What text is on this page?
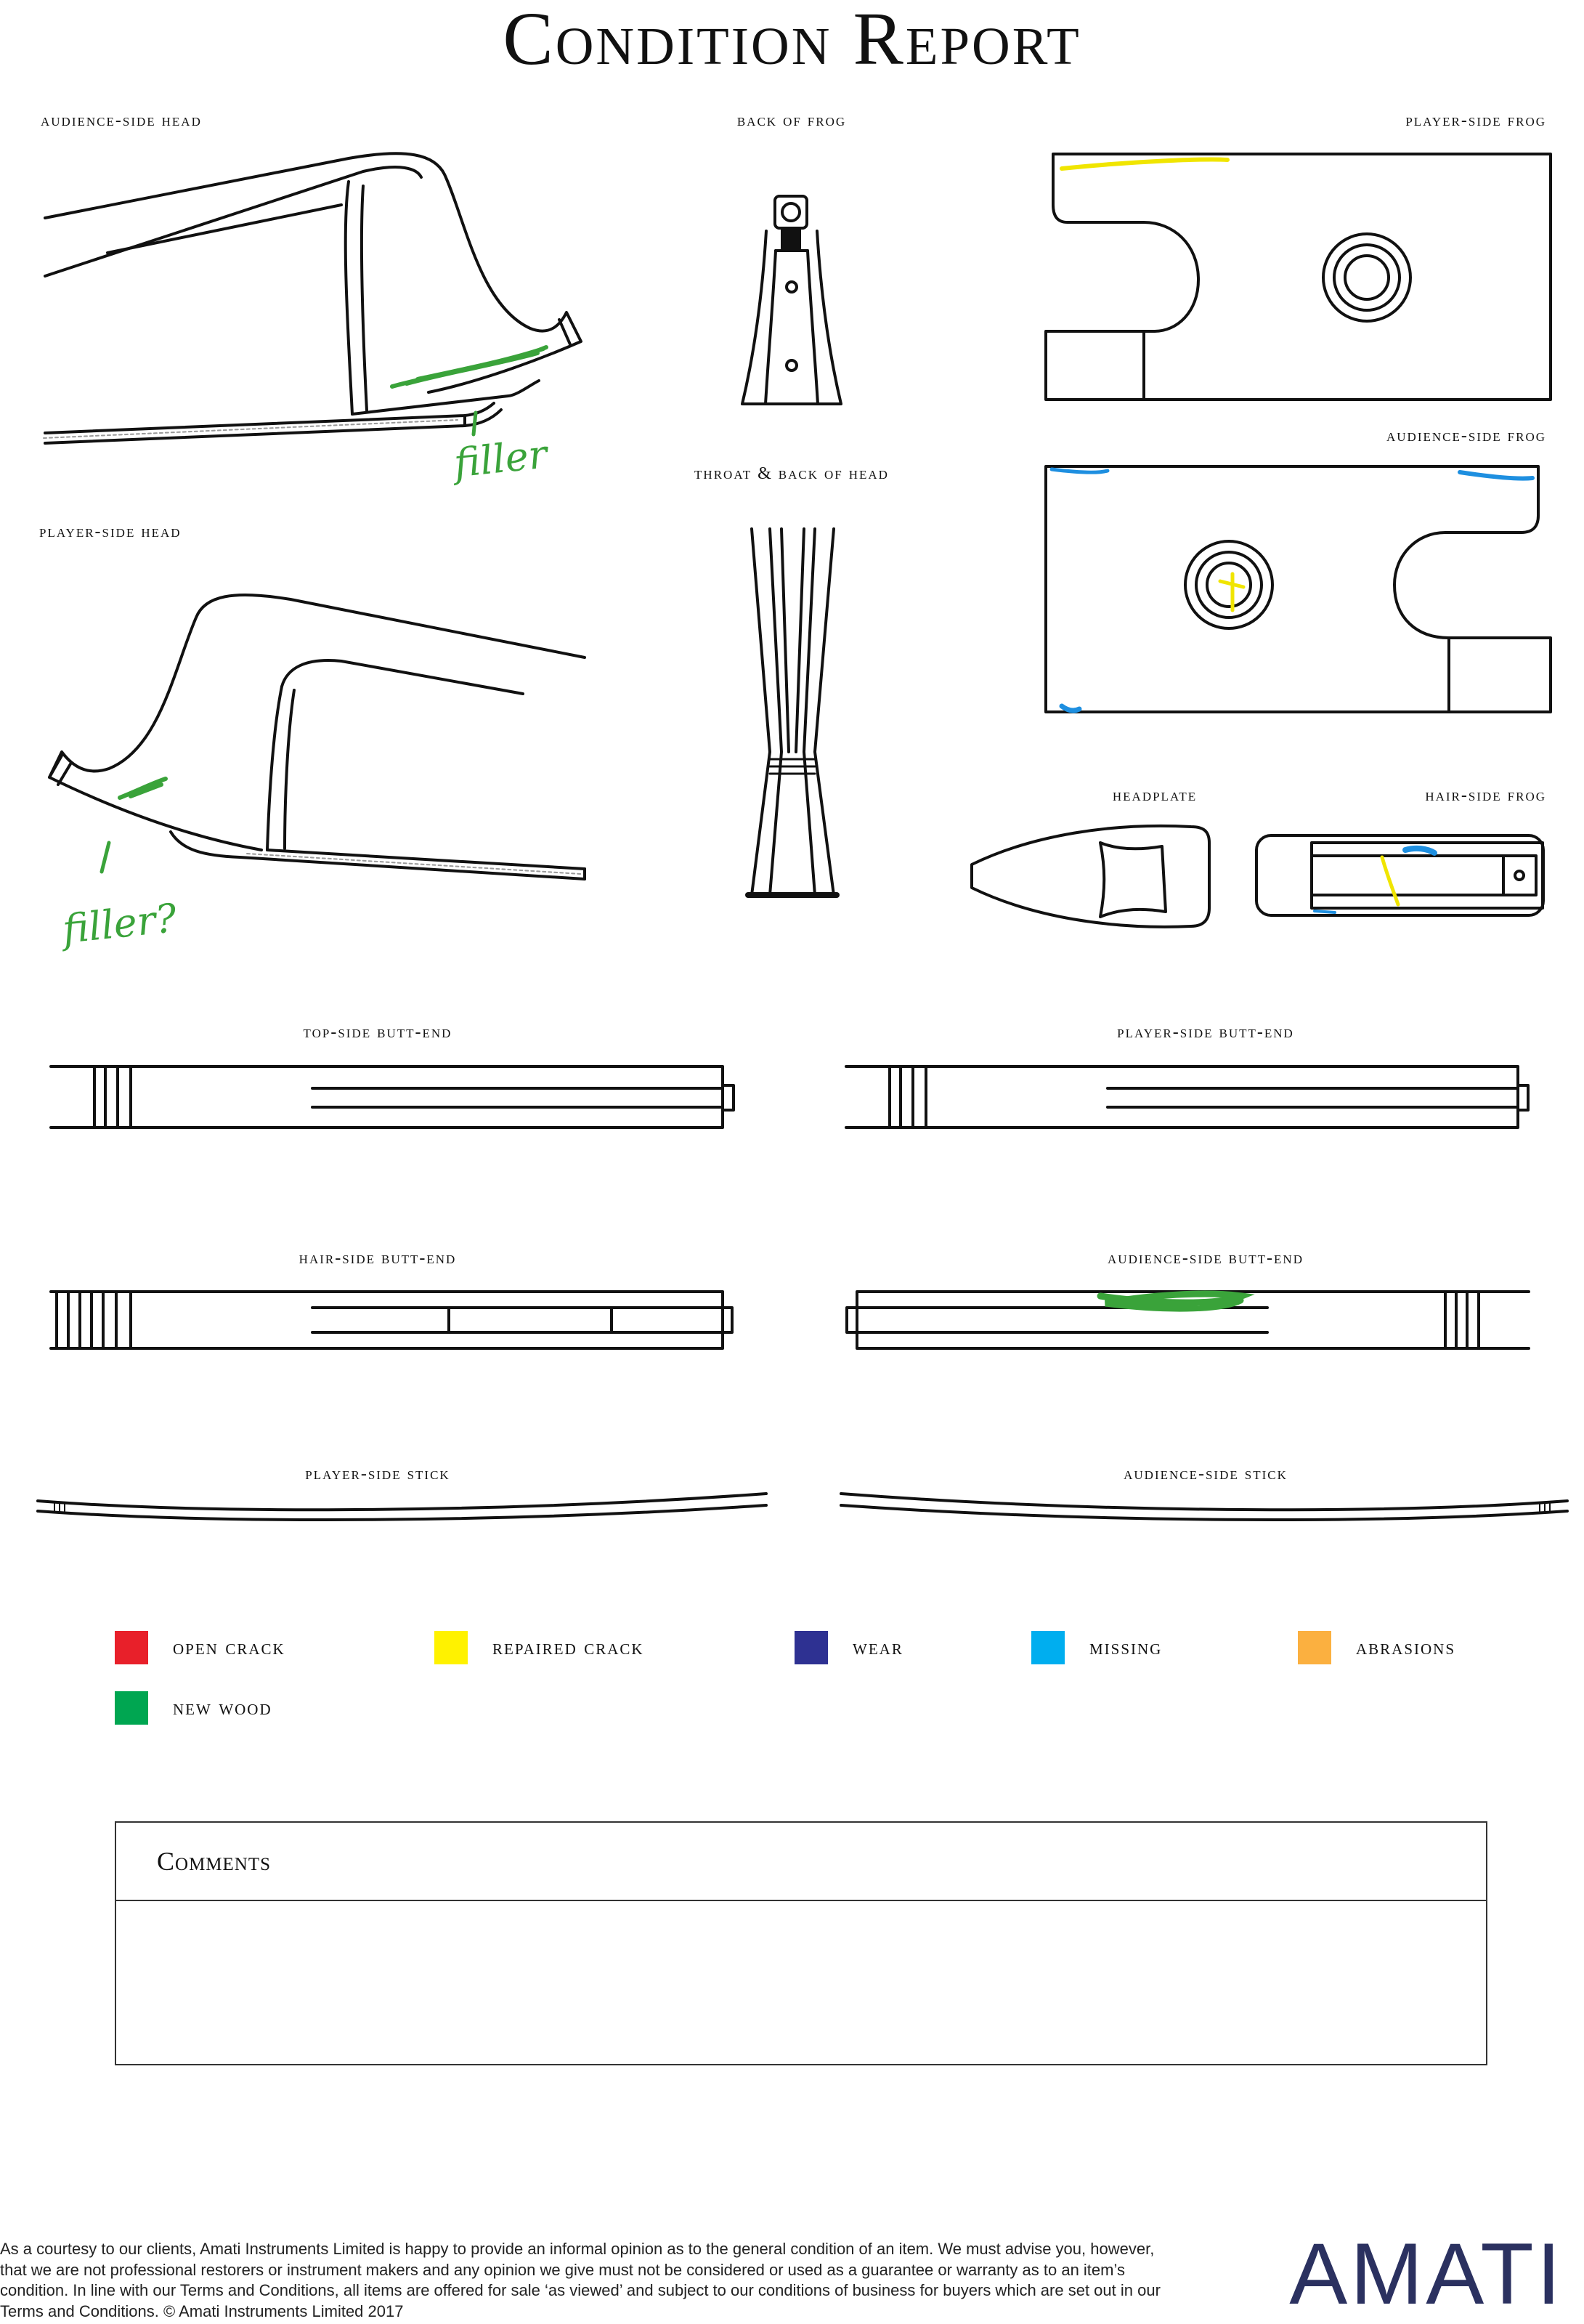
Condition Report
audience-side head	back of frog	player-side frog
throat & back of head
audience-side frog
player-side head
headplate	hair-side frog
top-side butt-end	player-side butt-end
hair-side butt-end	audience-side butt-end
player-side stick	audience-side stick
filler
filler?
open crack	repaired crack	wear	missing	abrasions
new wood
Comments
As a courtesy to our clients, Amati Instruments Limited is happy to provide an informal opinion as to the general condition of an item. We must advise you, however, that we are not professional restorers or instrument makers and any opinion we give must not be considered or used as a guarantee or warranty as to an item’s condition. In line with our Terms and Conditions, all items are offered for sale ‘as viewed’ and subject to our conditions of business for buyers which are set out in our Terms and Conditions. © Amati Instruments Limited 2017	AMATI
